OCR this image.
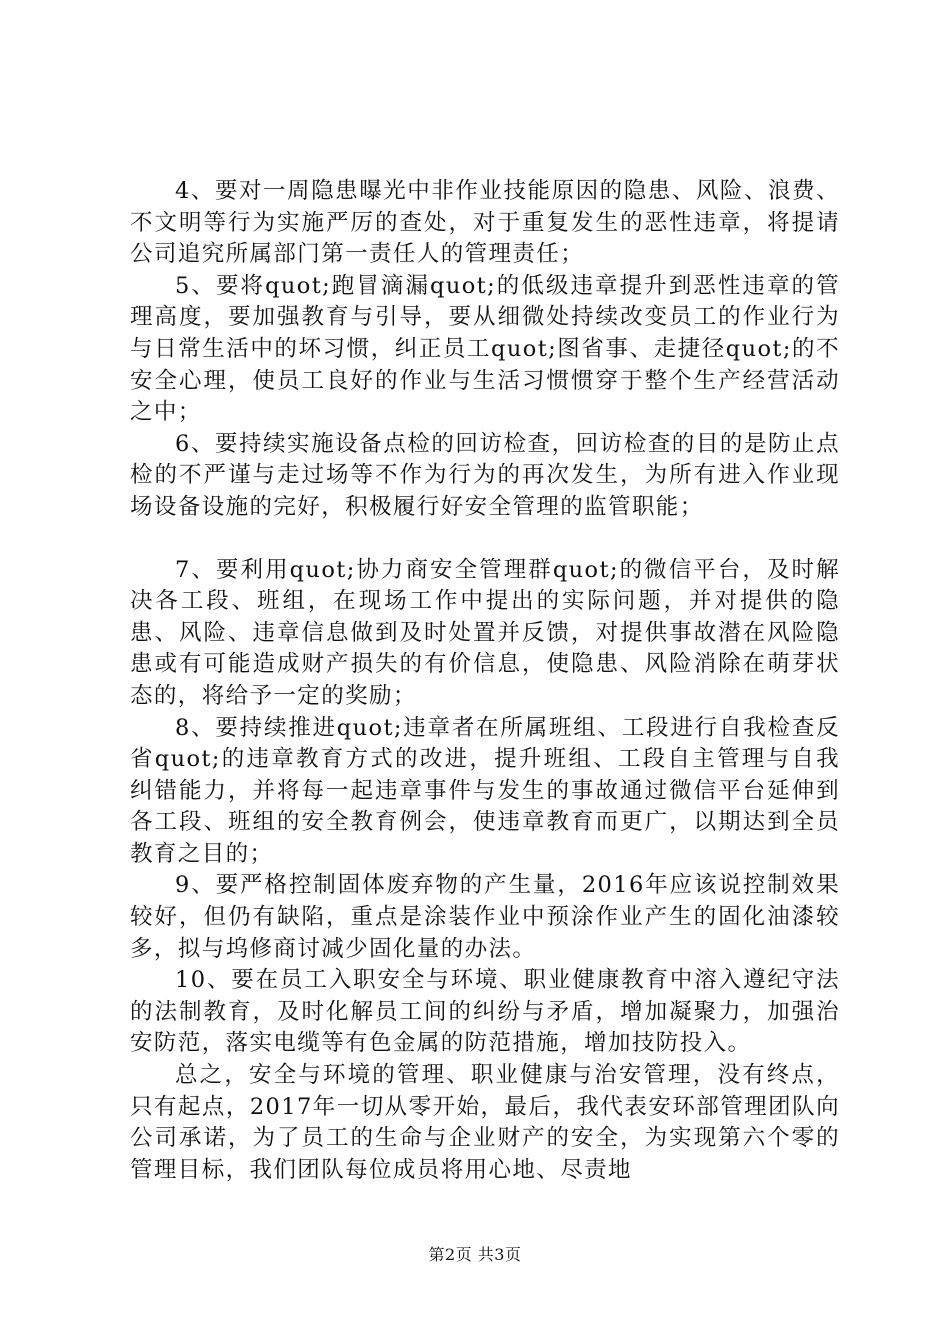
4、要对一周隐患曝光中非作业技能原因的隐患、风险、浪费、不文明等行为实施严厉的查处，对于重复发生的恶性违章，将提请公司追究所属部门第一责任人的管理责任；

5、要将quot;跑冒滴漏quot;的低级违章提升到恶性违章的管理高度，要加强教育与引导，要从细微处持续改变员工的作业行为与日常生活中的坏习惯，纠正员工quot;图省事、走捷径quot;的不安全心理，使员工良好的作业与生活习惯惯穿于整个生产经营活动之中；

6、要持续实施设备点检的回访检查，回访检查的目的是防止点检的不严谨与走过场等不作为行为的再次发生，为所有进入作业现场设备设施的完好，积极履行好安全管理的监管职能；

7、要利用quot;协力商安全管理群quot;的微信平台，及时解决各工段、班组，在现场工作中提出的实际问题，并对提供的隐患、风险、违章信息做到及时处置并反馈，对提供事故潜在风险隐患或有可能造成财产损失的有价信息，使隐患、风险消除在萌芽状态的，将给予一定的奖励；

8、要持续推进quot;违章者在所属班组、工段进行自我检查反省quot;的违章教育方式的改进，提升班组、工段自主管理与自我纠错能力，并将每一起违章事件与发生的事故通过微信平台延伸到各工段、班组的安全教育例会，使违章教育而更广，以期达到全员教育之目的；

9、要严格控制固体废弃物的产生量，2016年应该说控制效果较好，但仍有缺陷，重点是涂装作业中预涂作业产生的固化油漆较多，拟与坞修商讨减少固化量的办法。

10、要在员工入职安全与环境、职业健康教育中溶入遵纪守法的法制教育，及时化解员工间的纠纷与矛盾，增加凝聚力，加强治安防范，落实电缆等有色金属的防范措施，增加技防投入。

总之，安全与环境的管理、职业健康与治安管理，没有终点，只有起点，2017年一切从零开始，最后，我代表安环部管理团队向公司承诺，为了员工的生命与企业财产的安全，为实现第六个零的管理目标，我们团队每位成员将用心地、尽责地

第2页 共3页
